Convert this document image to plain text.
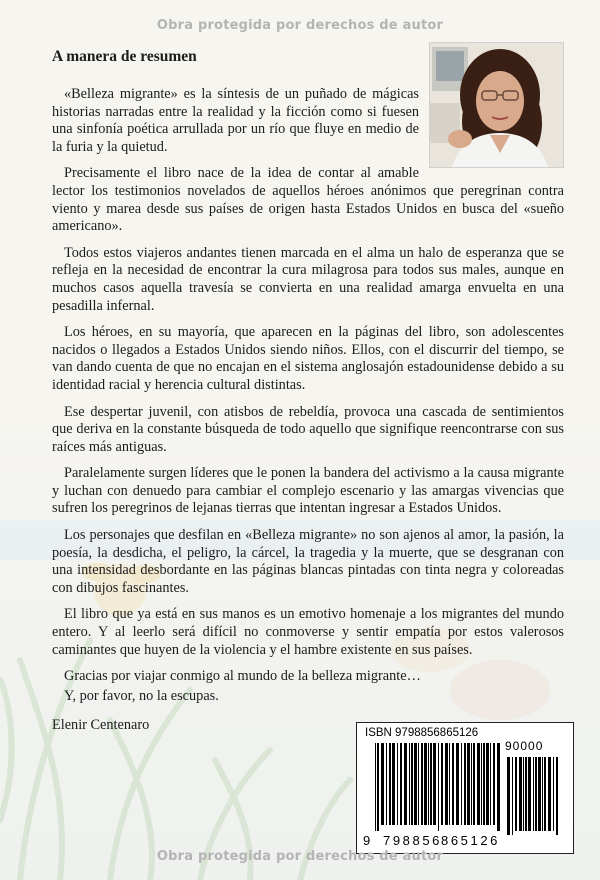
Obra protegida por derechos de autor
A manera de resumen

«Belleza migrante» es la síntesis de un puñado de mágicas historias narradas entre la realidad y la ficción como si fuesen una sinfonía poética arrullada por un río que fluye en medio de la furia y la quietud.

Precisamente el libro nace de la idea de contar al amable lector los testimonios novelados de aquellos héroes anónimos que peregrinan contra viento y marea desde sus países de origen hasta Estados Unidos en busca del «sueño americano».

Todos estos viajeros andantes tienen marcada en el alma un halo de esperanza que se refleja en la necesidad de encontrar la cura milagrosa para todos sus males, aunque en muchos casos aquella travesía se convierta en una realidad amarga envuelta en una pesadilla infernal.

Los héroes, en su mayoría, que aparecen en la páginas del libro, son adolescentes nacidos o llegados a Estados Unidos siendo niños. Ellos, con el discurrir del tiempo, se van dando cuenta de que no encajan en el sistema anglosajón estadounidense debido a su identidad racial y herencia cultural distintas.

Ese despertar juvenil, con atisbos de rebeldía, provoca una cascada de sentimientos que deriva en la constante búsqueda de todo aquello que signifique reencontrarse con sus raíces más antiguas.

Paralelamente surgen líderes que le ponen la bandera del activismo a la causa migrante y luchan con denuedo para cambiar el complejo escenario y las amargas vivencias que sufren los peregrinos de lejanas tierras que intentan ingresar a Estados Unidos.

Los personajes que desfilan en «Belleza migrante» no son ajenos al amor, la pasión, la poesía, la desdicha, el peligro, la cárcel, la tragedia y la muerte, que se desgranan con una intensidad desbordante en las páginas blancas pintadas con tinta negra y coloreadas con dibujos fascinantes.

El libro que ya está en sus manos es un emotivo homenaje a los migrantes del mundo entero. Y al leerlo será difícil no conmoverse y sentir empatía por estos valerosos caminantes que huyen de la violencia y el hambre existente en sus países.

Gracias por viajar conmigo al mundo de la belleza migrante…
Y, por favor, no la escupas.
Elenir Centenaro	ISBN 9798856865126
90000
9 798856 865126
Obra protegida por derechos de autor
